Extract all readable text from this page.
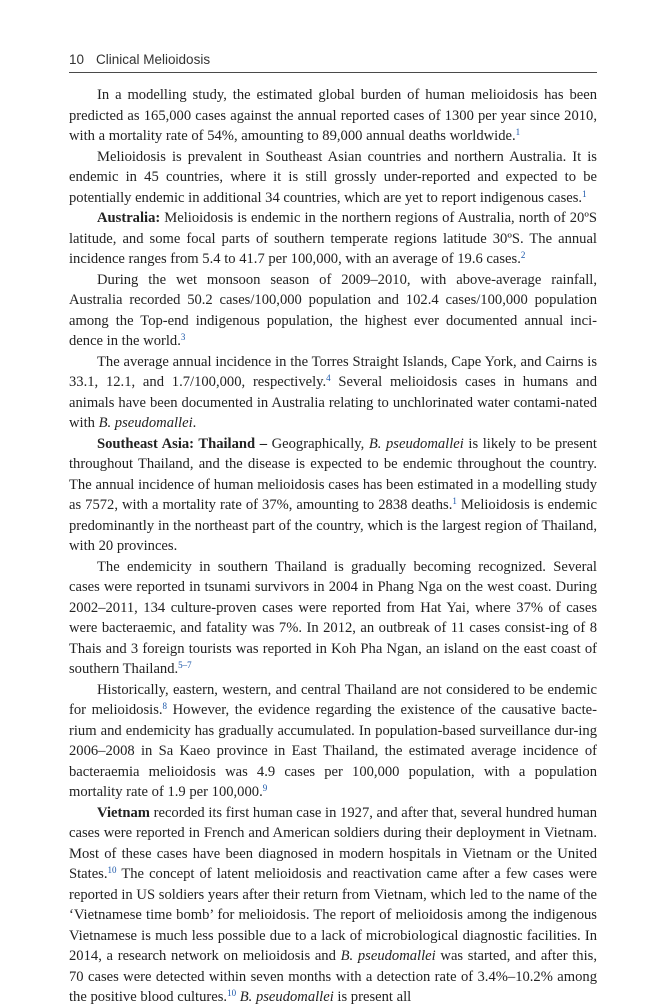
10 Clinical Melioidosis

In a modelling study, the estimated global burden of human melioidosis has been predicted as 165,000 cases against the annual reported cases of 1300 per year since 2010, with a mortality rate of 54%, amounting to 89,000 annual deaths worldwide.$^1$

Melioidosis is prevalent in Southeast Asian countries and northern Australia. It is endemic in 45 countries, where it is still grossly under-reported and expected to be potentially endemic in additional 34 countries, which are yet to report indigenous cases.$^1$

Australia: Melioidosis is endemic in the northern regions of Australia, north of 20ºS latitude, and some focal parts of southern temperate regions latitude 30ºS. The annual incidence ranges from 5.4 to 41.7 per 100,000, with an average of 19.6 cases.$^2$

During the wet monsoon season of 2009–2010, with above-average rainfall, Australia recorded 50.2 cases/100,000 population and 102.4 cases/100,000 population among the Top-end indigenous population, the highest ever documented annual inci-dence in the world.$^3$

The average annual incidence in the Torres Straight Islands, Cape York, and Cairns is 33.1, 12.1, and 1.7/100,000, respectively.$^4$ Several melioidosis cases in humans and animals have been documented in Australia relating to unchlorinated water contami-nated with B. pseudomallei.

Southeast Asia: Thailand – Geographically, B. pseudomallei is likely to be present throughout Thailand, and the disease is expected to be endemic throughout the country. The annual incidence of human melioidosis cases has been estimated in a modelling study as 7572, with a mortality rate of 37%, amounting to 2838 deaths.$^1$ Melioidosis is endemic predominantly in the northeast part of the country, which is the largest region of Thailand, with 20 provinces.

The endemicity in southern Thailand is gradually becoming recognized. Several cases were reported in tsunami survivors in 2004 in Phang Nga on the west coast. During 2002–2011, 134 culture-proven cases were reported from Hat Yai, where 37% of cases were bacteraemic, and fatality was 7%. In 2012, an outbreak of 11 cases consist-ing of 8 Thais and 3 foreign tourists was reported in Koh Pha Ngan, an island on the east coast of southern Thailand.$^{5-7}$

Historically, eastern, western, and central Thailand are not considered to be endemic for melioidosis.$^8$ However, the evidence regarding the existence of the causative bacte-rium and endemicity has gradually accumulated. In population-based surveillance dur-ing 2006–2008 in Sa Kaeo province in East Thailand, the estimated average incidence of bacteraemia melioidosis was 4.9 cases per 100,000 population, with a population mortality rate of 1.9 per 100,000.$^9$

Vietnam recorded its first human case in 1927, and after that, several hundred human cases were reported in French and American soldiers during their deployment in Vietnam. Most of these cases have been diagnosed in modern hospitals in Vietnam or the United States.$^{10}$ The concept of latent melioidosis and reactivation came after a few cases were reported in US soldiers years after their return from Vietnam, which led to the name of the ‘Vietnamese time bomb’ for melioidosis. The report of melioidosis among the indigenous Vietnamese is much less possible due to a lack of microbiological diagnostic facilities. In 2014, a research network on melioidosis and B. pseudomallei was started, and after this, 70 cases were detected within seven months with a detection rate of 3.4%–10.2% among the positive blood cultures.$^{10}$ B. pseudomallei is present all
